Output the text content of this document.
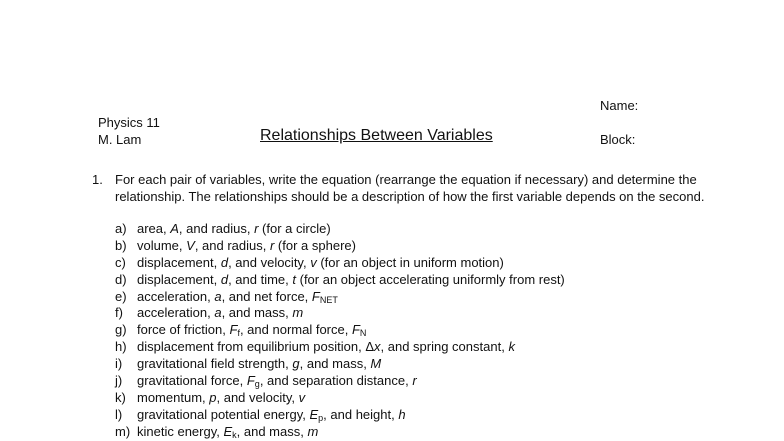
Physics 11
M. Lam	Relationships Between Variables
Name:
Block:
1. For each pair of variables, write the equation (rearrange the equation if necessary) and determine the relationship. The relationships should be a description of how the first variable depends on the second.
a) area, A, and radius, r (for a circle)
b) volume, V, and radius, r (for a sphere)
c) displacement, d, and velocity, v (for an object in uniform motion)
d) displacement, d, and time, t (for an object accelerating uniformly from rest)
e) acceleration, a, and net force, $F_{NET}$
f) acceleration, a, and mass, m
g) force of friction, $F_f$, and normal force, $F_N$
h) displacement from equilibrium position, Δx, and spring constant, k
i) gravitational field strength, g, and mass, M
j) gravitational force, $F_g$, and separation distance, r
k) momentum, p, and velocity, v
l) gravitational potential energy, $E_p$, and height, h
m) kinetic energy, $E_k$, and mass, m
